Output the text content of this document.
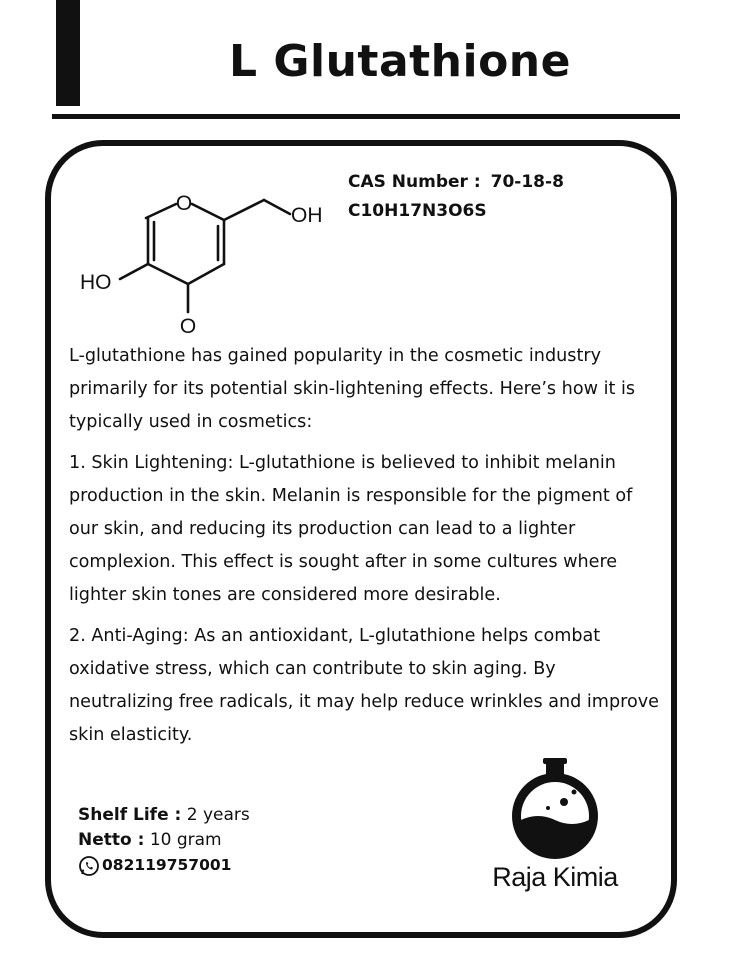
L Glutathione
O
OH
HO
O
CAS Number : 70-18-8
C10H17N3O6S

L-glutathione has gained popularity in the cosmetic industry primarily for its potential skin-lightening effects. Here’s how it is typically used in cosmetics:

1. Skin Lightening: L-glutathione is believed to inhibit melanin production in the skin. Melanin is responsible for the pigment of our skin, and reducing its production can lead to a lighter complexion. This effect is sought after in some cultures where lighter skin tones are considered more desirable.

2. Anti-Aging: As an antioxidant, L-glutathione helps combat oxidative stress, which can contribute to skin aging. By neutralizing free radicals, it may help reduce wrinkles and improve skin elasticity.

Shelf Life : 2 years
Netto : 10 gram
082119757001	Raja Kimia
